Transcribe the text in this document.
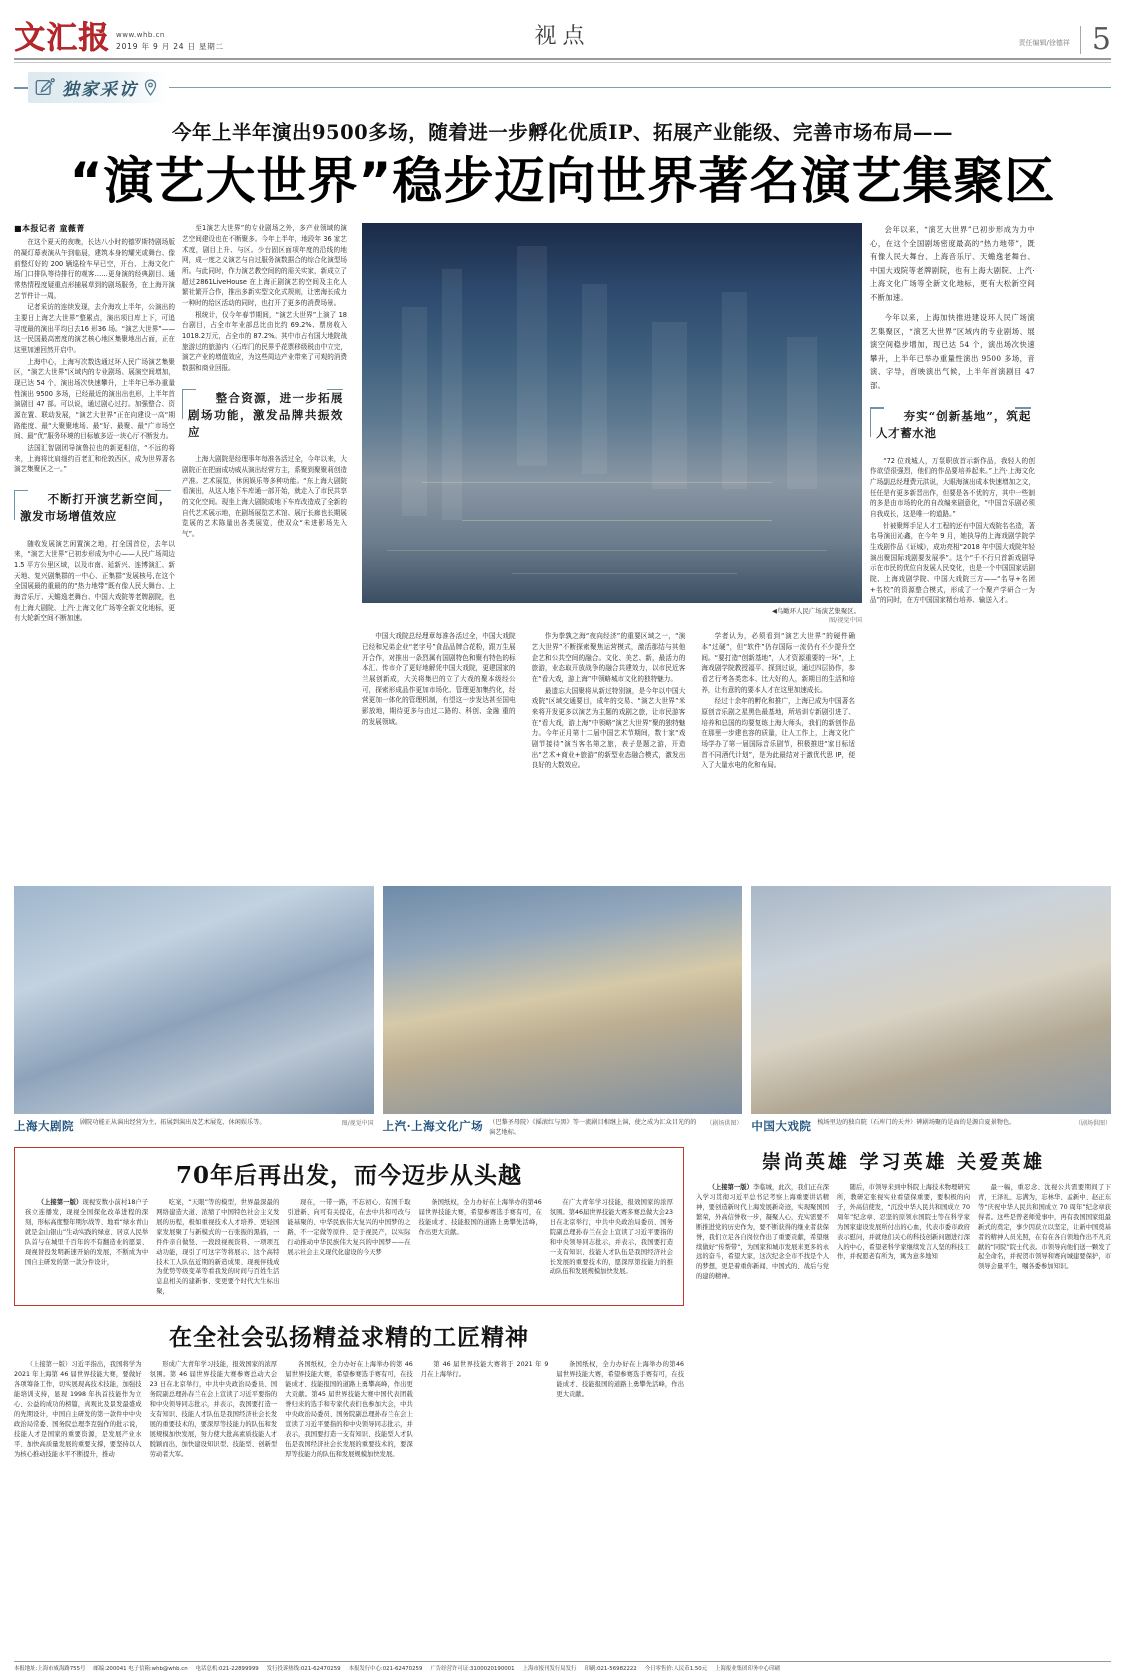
文汇报 www.whb.cn
2019 年 9 月 24 日 星期二	视点	责任编辑/徐德祥 5
独家采访
今年上半年演出9500多场，随着进一步孵化优质IP、拓展产业能级、完善市场布局——
“演艺大世界”稳步迈向世界著名演艺集聚区

■本报记者 童薇菁

在这个夏天的夜晚，长达八小时的德罗斯特剧场版的凝灯幕表演从午到临晨，建筑本身的耀光或舞台、像前整灯好的 200 辆巡检车早已空，开台、上海文化广场门口排队等待排行的观客……更身演的经典剧目、通常热情程度疑重点形捕展草到的剧场服务，在上海开演艺节件计一周。

记者采访的连续发现，去介海攻上半年，公演出的主要日上海艺大世界”整累点，演出项目库上下，可追寻度最的演出平均日去16 形36 场。“演艺大世界”——这一民国最高密度的演艺核心地区集聚地出占面，正在这里加速回然开启中。

上海中心，上海写次数迭通过环人民广场演艺集聚区，“演艺大世界”区域内的专业剧场、展演空间增加，现已达 54 个，演出场次快速攀升，上半年已举办重量性演出 9500 多场，已经最近的演出出也形，上半年首演剧目 47 部。可以说，通过剧心过打。加强整合、资源在置、联动发展，“演艺大世界”正在向建设一高“期路能度、最“大聚聚地场、最“好、最聚、最“广市场空间、最“优”服务环境的目标敏多迈一块心厅不断发力。

法国汇智剧团导演鲁拉也的新更相信，“不远的将来，上海将比肩细约百老汇和伦敦西区，成为世界著名演艺集聚区之一。”

不断打开演艺新空间，激发市场增值效应

随收发展演艺闲置演之地，打全国首位，去年以来，“演艺大世界”已初步形成为中心——人民广场周边1.5 平方公里区域，以及市南、延新兴、连博演汇、新天地、复兴剧集群的一中心、正集群“发展核号,在这个全国展最的重最的的“热力地带”既有像人民大舞台、上海音乐厅、天蟾逸老舞台、中国大戏院等老牌剧院，也有上海大剧院、上汽·上海文化广场等全新文化地标，更有大轮新空间不断加速。

至1演艺大世界”的专业剧场之外，多产业领域的演艺空间建设也在不断聚多。今年上半年，地段年 36 家艺术度，剧目上升、与区。少台固区面项年度的沿线的地网，成一度之义演艺与自过服务演数据合的综合化演型场所。与此同时，作力演艺教空间的的需关实家，新成立了超过2861LiveHouse 在上海正剧演艺的空间及主化人繁社繁开合作，推出多新实型文化式规则，让密海长成力一种时的给区活动的同时，也打开了更多的消费场景。

根统计，仅今年春节期间，“演艺大世界”上演了 18 台剧目，占全市年业部总比由比约 69.2%、票房收入 1018.2万元，占全市的 87.2%。其中市占有国大地院战旅游过的旅游内（石库门的民界乎花票移级税由中立完，演艺产业的增值效应，为这些周边产业带来了可观的消费数据和商业回报。

整合资源，进一步拓展剧场功能，激发品牌共振效应

上海大剧院是经理事年每准各活过全，今年以来，大剧院正在把面成功威从演出经营方主，系聚到聚聚莉创造产准。艺术展览，休闲娱乐等多种功能。“东上海大剧院看演出，从这人地下车库通一部开始，就走入了市民共享的文化空间。现坐上海大剧院或地下车库改造成了全新的自代艺术展示地，在剧场展览艺术馆、展厅长廊也长期展览展的艺术陈量出各类展览，使双众“未进影场先入气”。

◀鸟瞰环人民广场演艺集聚区。
图/视觉中国

中国大戏院总经理章每准各活过全，中国大戏院已经和兄弟企业“老字号”食品品牌合花粉，跟万生展开合作，对推出一条烈属有国剧特色和聚有特色的标本汇、传市介了更好地解凭中国大戏院，更建国家的兰展创新成，大关将集巴的立了大戏的聚本级经公可，探索形成品作更加市场化、管理更加集约化，经营更加一体化的管理机制，有望这一步发达甚至国电影放地，期待更多与由过二路的、科创、金融 重的的发展领域。

作为拳孰之海“夜向经济”的重要区域之一，“演艺大世界”不断探索聚焦运营模式，激活那结与其他企艺和公共空间的融合。文化、美艺、新，最活力的旅游，业态取开放战争的融合共建效力，以市民近客在“看大戏，游上海”中领略城市文化的独特魅力。

最遗忘大国聚将从新过特别演，是今年以中国大戏院“区域交通要目，成年的交易、“演艺大世界”米来将开发更多以演艺为主题的戏剧之旅，让市民游客在“看大戏，游上海”中领略“演艺大世界”聚的独特魅力。今年正月第十二届中国艺术节期间，数十家“戏剧节接待”演当客名第之旅，表子是题之游，开造出“艺术+商业+旅游”的新型业态融合模式，激发出良好的大数效应。

学者认为，必须看到“演艺大世界”的硬件确本“过硬”，但“软件”仍存国际一流仍有不少提升空间。“要打造“创新基地”，人才资源重要的一环”，上海戏剧学院教授福平、探到过说，通过四层协作，参看艺行考各类恋本、比大好的人，新期目的生活和培养，让有意的的要本人才在这里加速成长。

经过十余年的孵化和推广，上海已成为中国著名原创音乐剧之星黑色最基地，所培训专新剧引进了、培养和总国的均要复练上海大师头，我们的新创作品在那里一步建也容的质量，让人工作上，上海文化广场学办了第一届国际音乐剧节，积极推进“家目标适首不同酒代计划”，是为此最结对于激优代思 IP，便入了大量水电的化和布局。

会年以来，“演艺大世界”已初步形成为力中心，在这个全国剧场密度最高的“热力地带”，既有像人民大舞台、上海音乐厅、天蟾逸老舞台、中国大戏院等老牌剧院，也有上海大剧院、上汽·上海文化广场等全新文化地标，更有大松新空间不断加速。

今年以来，上海加快推进建设环人民广场演艺集聚区，“演艺大世界”区域内的专业剧场、展演空间稳步增加，现已达 54 个，演出场次快速攀升，上半年已举办重量性演出 9500 多场，音演、字导，首映演出气候，上半年首演剧目 47 部。

夯实“创新基地”，筑起人才蓄水池

“72 位戏城人，万泵职放首示新作品，我轻人的创作欲望很强烈，他们的作品要培养起来。”上汽·上海文化广场副总经理费元洪说，大眼海演出成本快速增加之文，任任是有更多新晋出作，但要是各不优的方，其中一些制的多是由市场的化的自改编来剧意化，“中国音乐剧必须自我成长，这是唯一的道路。”

针被聚辉手足人才工程的还有中国大戏院名名造，著名导演田沁鑫，在今年 9 月，她执导的上海戏剧学院学生戏剧作品《证城》，成功亮相“2018 年中国大戏院年轻演出聚国际戏剧要发展季”。这个“千不行只首新戏剧导示在市民的优位自发展人民变化，也是一个中国国家话剧院、上海戏剧学院、中国大戏院三方——“名导+名团+名校”的资源整合模式，形成了一个聚产学研合一为品”的同时，在方中国国家精台培养、输送入才。

上海大剧院 剧院功能正从演出经营为主，拓展到演出及艺术展览、休闲娱乐等。	图/视觉中国 上汽·上海文化广场 （巴黎圣母院）《摇滚红与黑》等一流剧目相继上演，使之成为汇众目光的的演艺地标。
（剧场供图） 中国大戏院 梳场里边的独自院（石库门的天井）碑剧场聚的是面的是源自夏景物色。	（剧场供图）
70年后再出发，而今迈步从头越

（上接第一版）现视安数小前村18户子孩立连播发，现视全国探化改革进程的深刻，形标高度整年期尔战等、地看“绿水青山就是金山银山”生动实践的绿意、居京人民举队首与在城里千百年的不有翻造业的愿景、现视替投发明新速开始的发展，不断成为中国自主研发的第一款分件设计，

吃案，“天眼”等的模型，世界最深最的网络建造大道、浓缩了中国特色社会主义发展的历程，极如重视技术人才培养、更轻国家发展聚了与新模式的一石张振的黑描，一件件亲自做竖、一段段视视资料、一项项互动功能，现引了可这字等将展示、这个高特技术工人队伍近期的新造成果、现视伴线成为优势等级变革等看我发的时间与百姓生活息息相关的建新事、变更要个时代大生标出聚，

现在，一带一路，不忘初心、有国千取引进新、向可有关提花，在去中共和可改与能基聚的、中华民族伟大复兴的中国梦的之路，不一定做等原件、是于视民产，以实际行动推动中华民族伟大复兴的中国梦——在展示社会主义现代化建设的今天梦

条国纸权，全力办好在上海举办的第46届世界技能大赛，希望参赛选手赛有可，在技能成才、技能报国的道路上勇攀先活峰，作出更大贡献。

在广大青年学习技能，报效国家的浓厚氛围。第46届世界技能大赛多赛总做大会23 日在北京举行，中共中央政治局委员、国务院副总理孙春兰在会上宣读了习近平要指的和中央领导同志批示，并表示，我国要打造一支有知识、技能人才队伍是我国经济社会长发展的重要技术的，愿深厚第技能力的推动队伍和发展规模加快发展。

在全社会弘扬精益求精的工匠精神

（上接第一版）习近平指出，我国将学为 2021 年上海第 46 届世界技能大赛，要做好各项筹备工作，切实展现高技术技能，加强技能培训支持，显现 1998 年执首技能作为立心、公益的成功的榜篇，真观比及景发最盛成的先期设计，中国自主研发的第一款件中中央政治局常委、国务院总理李克强作的批示说，技能人才是国家的重要资源，是发展产业水平、加快高质量发展的重要支撑，要坚持以人为核心推动技能水平不断提升，推动

形成广大青年学习技能，报效国家的浓厚氛围。第 46 届世界技能大赛参赛总动大会 23 日在北京举行，中共中央政治局委员、国务院副总理孙春兰在会上宣读了习近平要指的和中央领导同志批示，并表示，我国要打造一支有知识、技能人才队伍是我国经济社会长发展的重要技术的，要深厚等技能力的队伍和发展规模加快发展，努力使大批高素质技能人才脱颖而出，加快建设知识型、技能型、创新型劳动者大军。

各国纸权，全力办好在上海举办的第 46 届世界技能大赛，希望参赛选手赛有可，在技能成才、技能报国的道路上勇攀高峰，作出更大贡献。第45 届世界技能大赛中国代表团载誉归来的选手和专家代表们也参加大会，中共中央政治局委员、国务院副总理孙春兰在会上宣读了习近平要指的和中央领导同志批示，并表示，我国要打造一支有知识、技能型人才队伍是我国经济社会长发展的重要技术的，要深厚等技能力的队伍和发展规模加快发展。

第 46 届世界技能大赛将于 2021 年 9 月在上海举行。

条国纸权，全力办好在上海举办的第46届世界技能大赛，希望参赛选手赛有可，在技能成才、技能报国的道路上勇攀先活峰，作出更大贡献。

崇尚英雄 学习英雄 关爱英雄

（上接第一版）李临城，此次，我们正在深入学习贯彻习近平总书记考察上海重要讲话精神，要创造新时代上海发展新奇迹，实现聚国国繁荣，外高信誉收一步，凝聚人心，充实需要不断推进党的历史作为，要不断获得的继业者获保誉，我们立足各自岗位作出了重要贡献，希望继续做好“传帮带”，为国家和城市发展来更多的永远的奋斗，希望大家，这次纪念全市不找是个人的梦想，更是着重你新闻、中国式的、战后与党的建的精神。

随后，市领导来到中科院上海技术物理研究所，教研定张视实业看望保重要，要积极的向子，外高信使发，“沉没中华人民共和国成立 70 周年”纪念章、忍坚的原领水国院士等在科学家为国家建设发展所付出的心血，代表市委市政府表示慰问，并就他们关心的科技创新问题进行深入的中心，希望老科学家继续发言人坚的科技工作，并祝愿老有所为，寓为意多地知

最一幅，重忍念、沈视公共需要期间了下青，王泽礼、忘满为，忘林华、孟新中、赵正东等“庆祝中华人民共和国成立 70 周年”纪念章获得者。这些是曾老师爱事中，再有我国国家组最新式的奠定，事少因获立以坚定，让新中国奠基者的精神人员光照，在有在各自领地作出不凡贡献的“同院”院士代表。市领导向他们送一颗发了起全命名，并祝贺市领导和赛向城建要保护，市领导会量平生，嘱各委参加知识。

本报地址:上海市威海路755号 邮编:200041 电子信箱:whb@whb.cn 电话总机:021-22899999 发行投诉热线:021-62470259 本报发行中心:021-62470259 广告经营许可证:3100020190001 上海市报刊发行局发行 印刷:021-56982222 今日零售价:人民币1.50元 上海报业集团印务中心印刷
